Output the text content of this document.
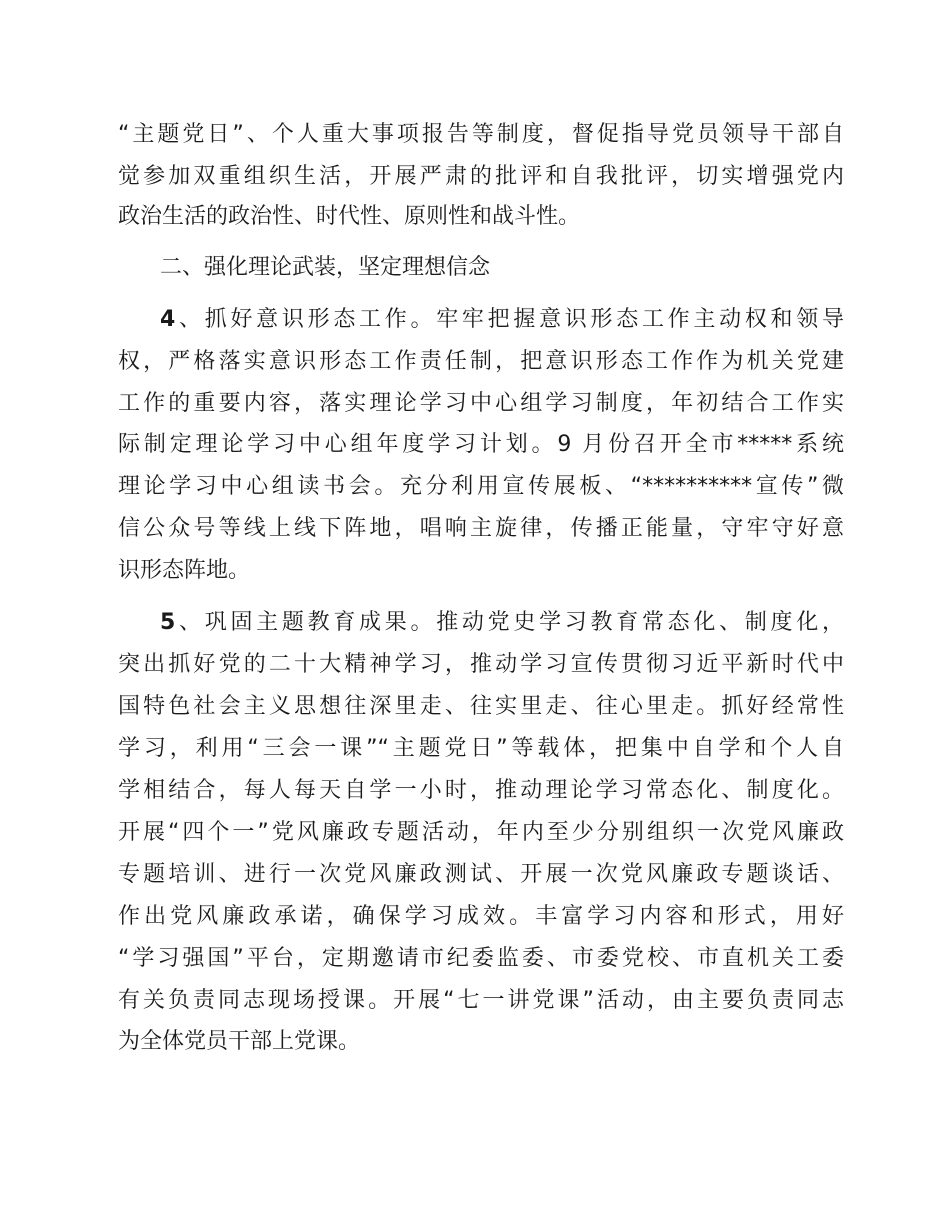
“主题党日”、个人重大事项报告等制度，督促指导党员领导干部自
觉参加双重组织生活，开展严肃的批评和自我批评，切实增强党内
政治生活的政治性、时代性、原则性和战斗性。
二、强化理论武装，坚定理想信念
4、抓好意识形态工作。牢牢把握意识形态工作主动权和领导
权，严格落实意识形态工作责任制，把意识形态工作作为机关党建
工作的重要内容，落实理论学习中心组学习制度，年初结合工作实
际制定理论学习中心组年度学习计划。9 月份召开全市*****系统
理论学习中心组读书会。充分利用宣传展板、“**********宣传”微
信公众号等线上线下阵地，唱响主旋律，传播正能量，守牢守好意
识形态阵地。
5、巩固主题教育成果。推动党史学习教育常态化、制度化，
突出抓好党的二十大精神学习，推动学习宣传贯彻习近平新时代中
国特色社会主义思想往深里走、往实里走、往心里走。抓好经常性
学习，利用“三会一课”“主题党日”等载体，把集中自学和个人自
学相结合，每人每天自学一小时，推动理论学习常态化、制度化。
开展“四个一”党风廉政专题活动，年内至少分别组织一次党风廉政
专题培训、进行一次党风廉政测试、开展一次党风廉政专题谈话、
作出党风廉政承诺，确保学习成效。丰富学习内容和形式，用好
“学习强国”平台，定期邀请市纪委监委、市委党校、市直机关工委
有关负责同志现场授课。开展“七一讲党课”活动，由主要负责同志
为全体党员干部上党课。
